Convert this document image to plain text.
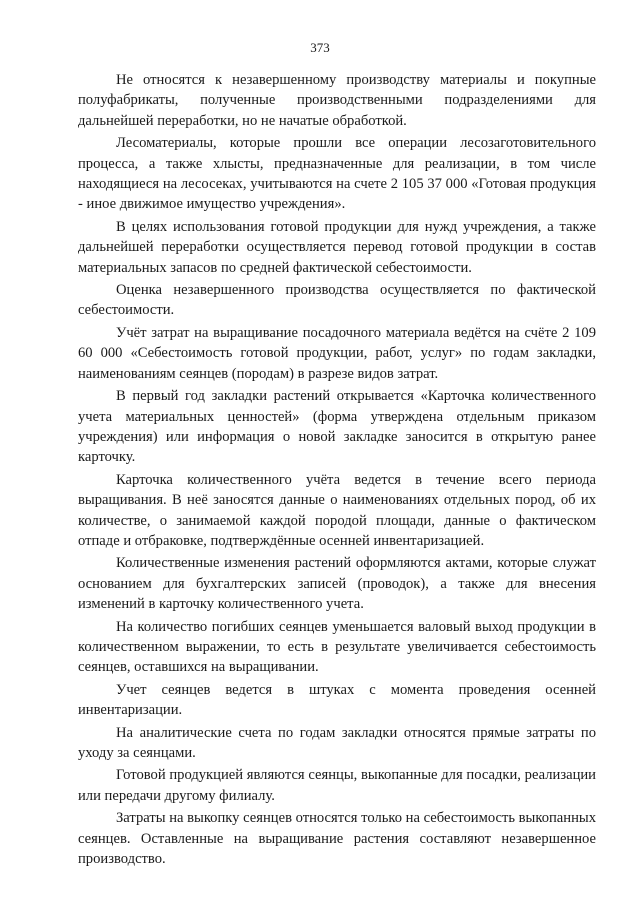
373

Не относятся к незавершенному производству материалы и покупные полуфабрикаты, полученные производственными подразделениями для дальнейшей переработки, но не начатые обработкой.

Лесоматериалы, которые прошли все операции лесозаготовительного процесса, а также хлысты, предназначенные для реализации, в том числе находящиеся на лесосеках, учитываются на счете 2 105 37 000 «Готовая продукция - иное движимое имущество учреждения».

В целях использования готовой продукции для нужд учреждения, а также дальнейшей переработки осуществляется перевод готовой продукции в состав материальных запасов по средней фактической себестоимости.

Оценка незавершенного производства осуществляется по фактической себестоимости.

Учёт затрат на выращивание посадочного материала ведётся на счёте 2 109 60 000 «Себестоимость готовой продукции, работ, услуг» по годам закладки, наименованиям сеянцев (породам) в разрезе видов затрат.

В первый год закладки растений открывается «Карточка количественного учета материальных ценностей» (форма утверждена отдельным приказом учреждения) или информация о новой закладке заносится в открытую ранее карточку.

Карточка количественного учёта ведется в течение всего периода выращивания. В неё заносятся данные о наименованиях отдельных пород, об их количестве, о занимаемой каждой породой площади, данные о фактическом отпаде и отбраковке, подтверждённые осенней инвентаризацией.

Количественные изменения растений оформляются актами, которые служат основанием для бухгалтерских записей (проводок), а также для внесения изменений в карточку количественного учета.

На количество погибших сеянцев уменьшается валовый выход продукции в количественном выражении, то есть в результате увеличивается себестоимость сеянцев, оставшихся на выращивании.

Учет сеянцев ведется в штуках с момента проведения осенней инвентаризации.

На аналитические счета по годам закладки относятся прямые затраты по уходу за сеянцами.

Готовой продукцией являются сеянцы, выкопанные для посадки, реализации или передачи другому филиалу.

Затраты на выкопку сеянцев относятся только на себестоимость выкопанных сеянцев. Оставленные на выращивание растения составляют незавершенное производство.
